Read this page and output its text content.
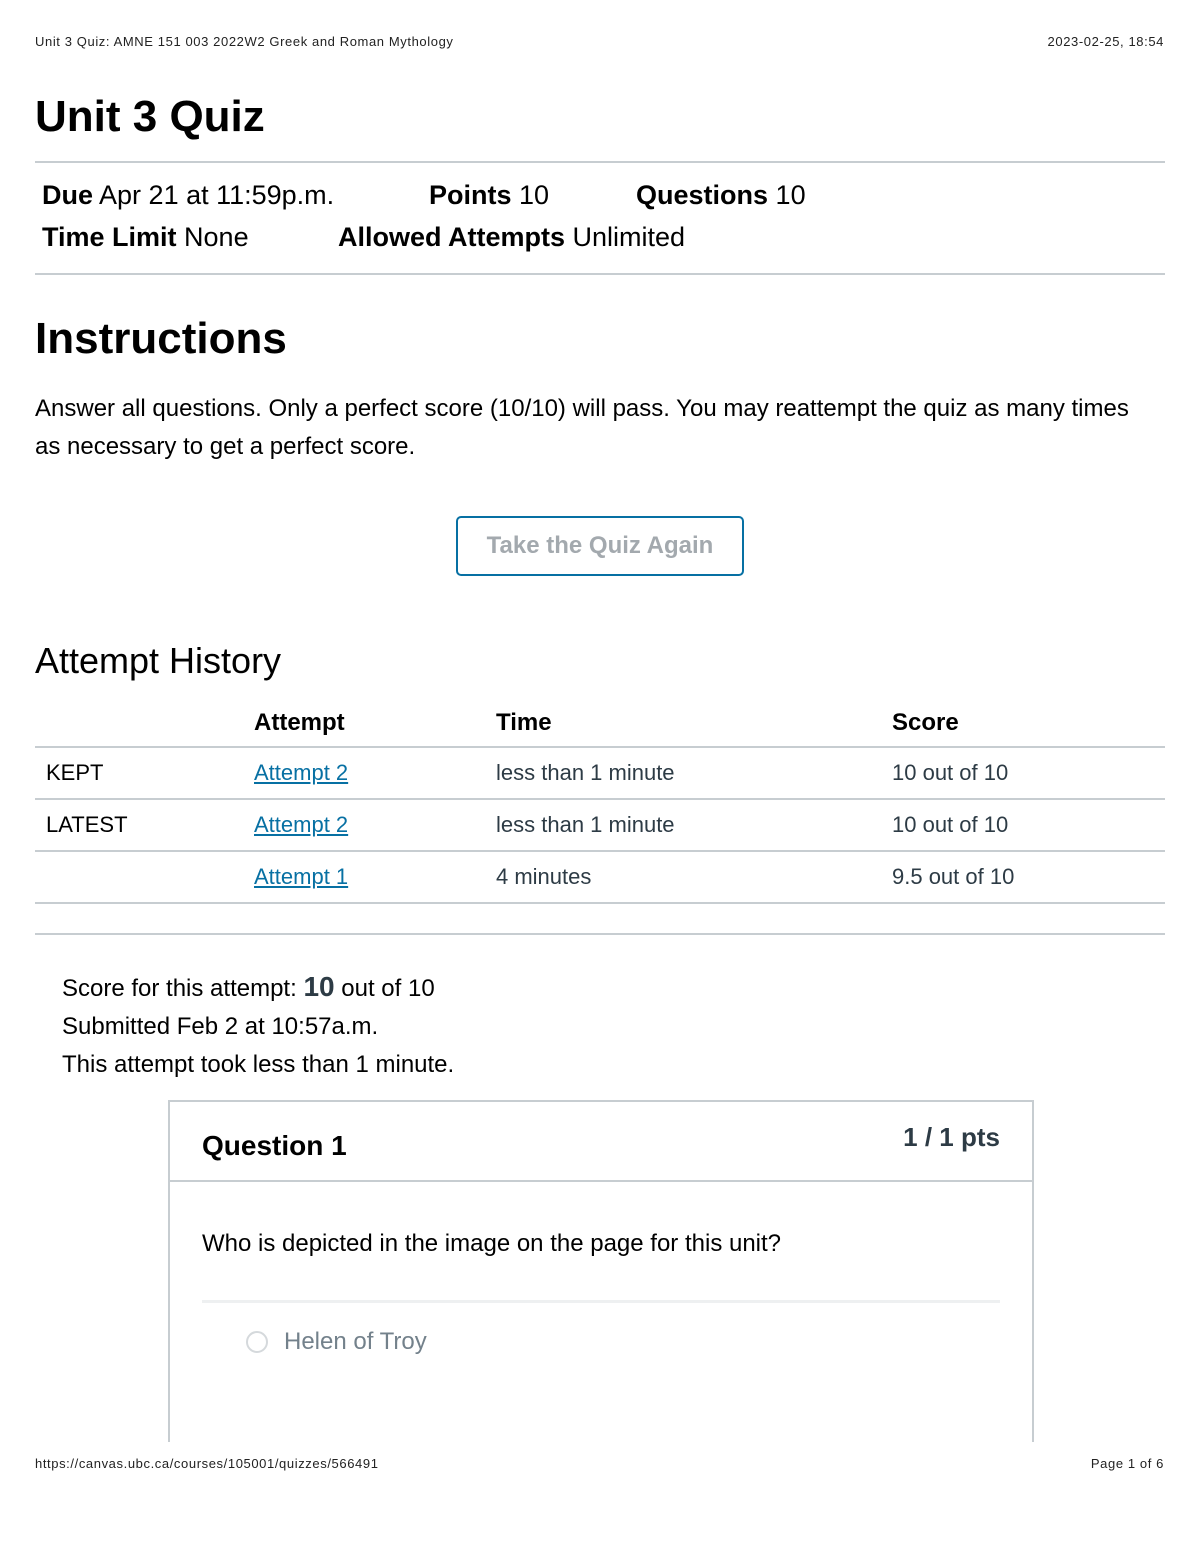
Unit 3 Quiz: AMNE 151 003 2022W2 Greek and Roman Mythology	2023-02-25, 18:54
Unit 3 Quiz
Due Apr 21 at 11:59p.m.	Points 10	Questions 10
Time Limit None	Allowed Attempts Unlimited
Instructions

Answer all questions. Only a perfect score (10/10) will pass. You may reattempt the quiz as many times as necessary to get a perfect score.

Take the Quiz Again
Attempt History
	Attempt	Time	Score
KEPT	Attempt 2	less than 1 minute	10 out of 10
LATEST	Attempt 2	less than 1 minute	10 out of 10
	Attempt 1	4 minutes	9.5 out of 10
Score for this attempt: 10 out of 10
Submitted Feb 2 at 10:57a.m.
This attempt took less than 1 minute.
Question 1	1 / 1 pts
Who is depicted in the image on the page for this unit?
Helen of Troy
https://canvas.ubc.ca/courses/105001/quizzes/566491	Page 1 of 6
